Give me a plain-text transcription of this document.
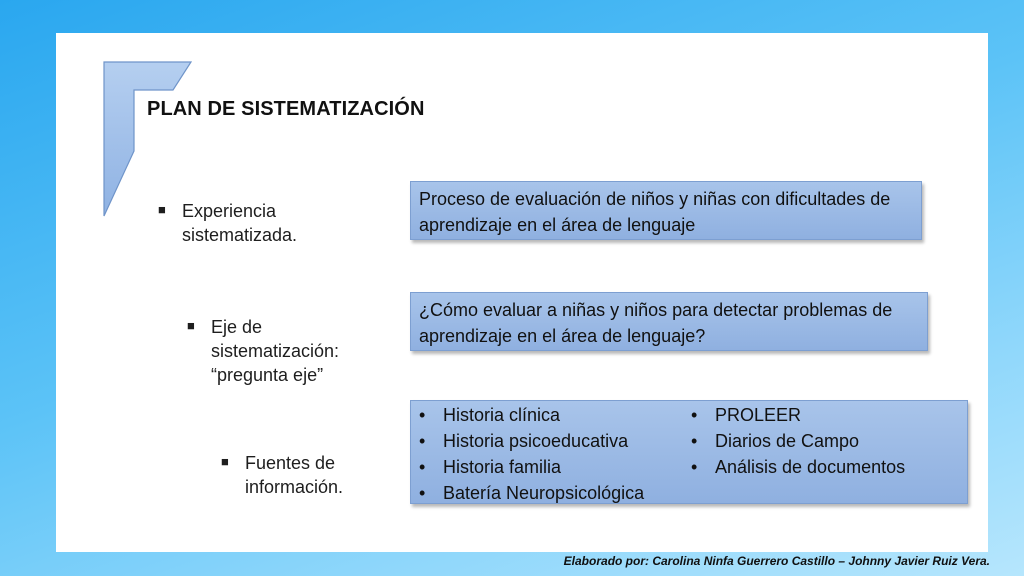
PLAN DE SISTEMATIZACIÓN
■ Experiencia sistematizada.
■ Eje de sistematización: “pregunta eje”
■ Fuentes de información.
Proceso de evaluación de niños y niñas con dificultades de aprendizaje en el área de lenguaje
¿Cómo evaluar a niñas y niños para detectar problemas de aprendizaje en el área de lenguaje?
• Historia clínica
• Historia psicoeducativa
• Historia familia
• Batería Neuropsicológica
• PROLEER
• Diarios de Campo
• Análisis de documentos
Elaborado por: Carolina Ninfa Guerrero Castillo – Johnny Javier Ruiz Vera.
